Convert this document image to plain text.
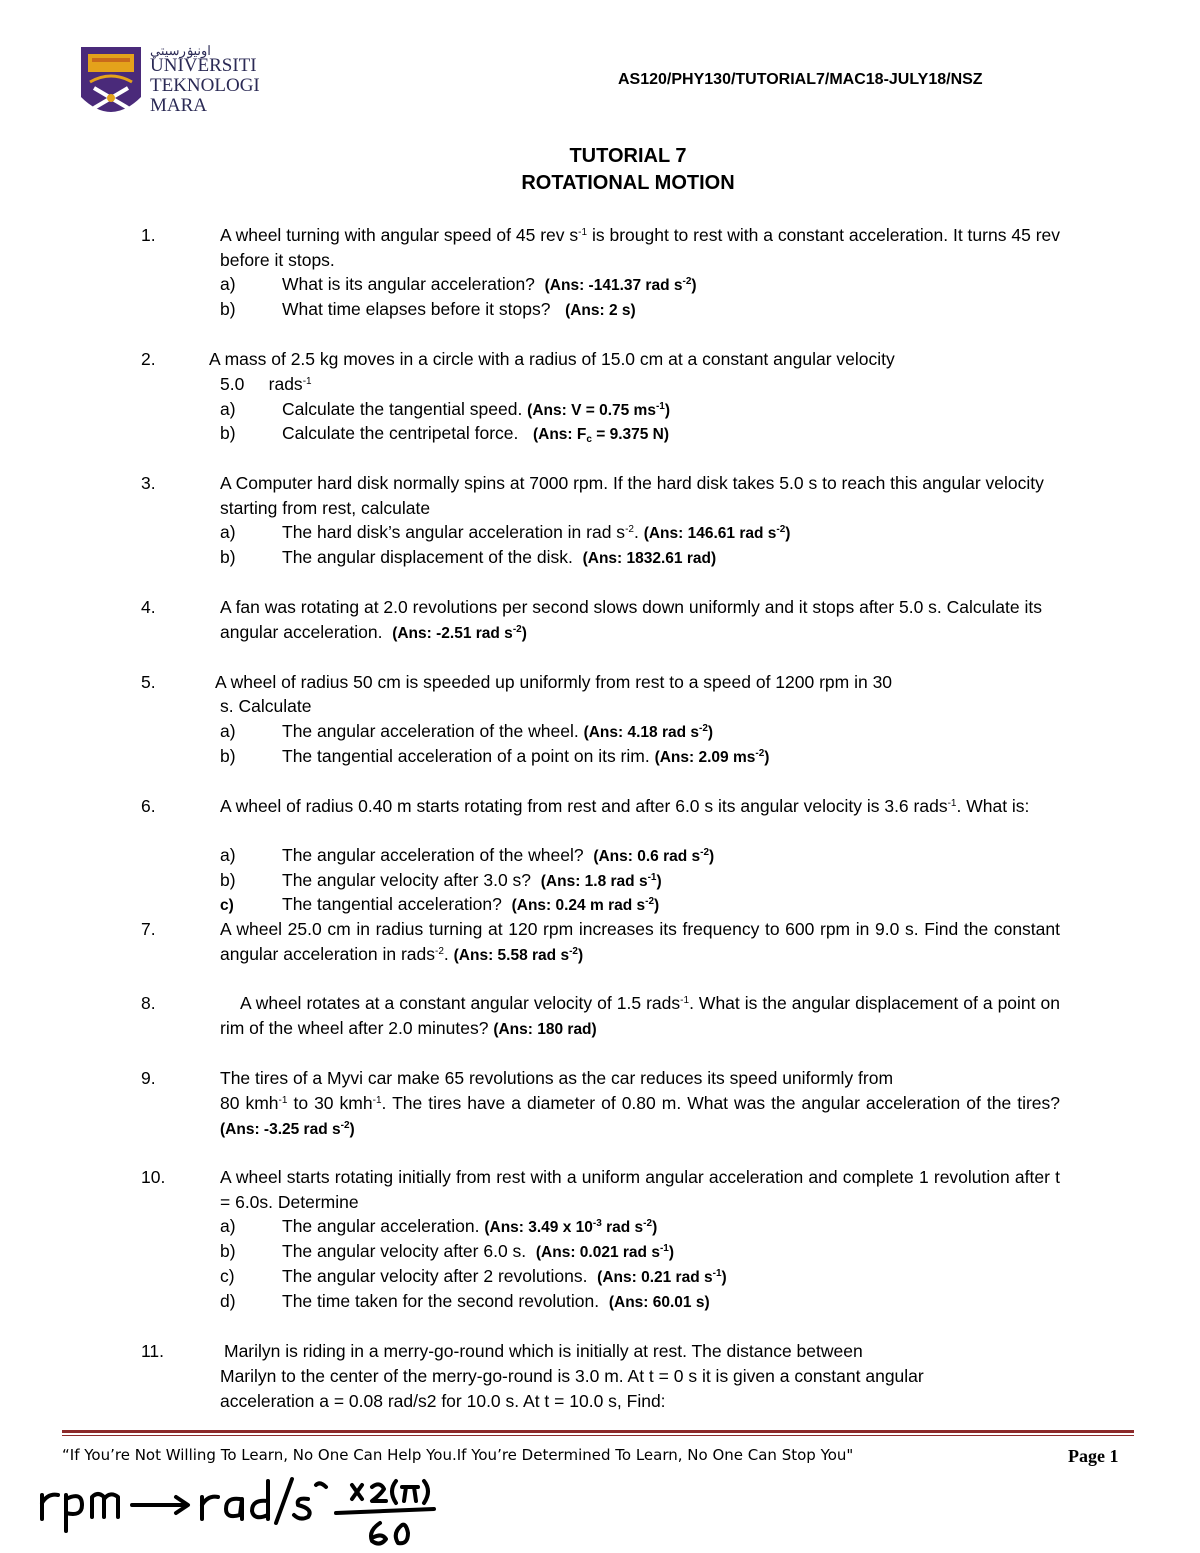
اونيۏرسيتي
UNIVERSITI
TEKNOLOGI
MARA
AS120/PHY130/TUTORIAL7/MAC18-JULY18/NSZ
TUTORIAL 7
ROTATIONAL MOTION
1.	A wheel turning with angular speed of 45 rev $s^{-1}$ is brought to rest with a constant acceleration. It turns 45 rev before it stops.
a)	What is its angular acceleration?  (Ans: -141.37 rad $s^{-2}$)
b)	What time elapses before it stops?   (Ans: 2 s)
2.	A mass of 2.5 kg moves in a circle with a radius of 15.0 cm at a constant angular velocity
5.0     rads$^{-1}$
a)	Calculate the tangential speed. (Ans: V = 0.75 $ms^{-1}$)
b)	Calculate the centripetal force.   (Ans: $F_c = 9.375$ N)
3.	A Computer hard disk normally spins at 7000 rpm. If the hard disk takes 5.0 s to reach this angular velocity starting from rest, calculate
a)	The hard disk’s angular acceleration in rad $s^{-2}$. (Ans: 146.61 rad $s^{-2}$)
b)	The angular displacement of the disk.  (Ans: 1832.61 rad)
4.	A fan was rotating at 2.0 revolutions per second slows down uniformly and it stops after 5.0 s. Calculate its angular acceleration.  (Ans: -2.51 rad $s^{-2}$)
5.	A wheel of radius 50 cm is speeded up uniformly from rest to a speed of 1200 rpm in 30
s. Calculate
a)	The angular acceleration of the wheel. (Ans: 4.18 rad $s^{-2}$)
b)	The tangential acceleration of a point on its rim. (Ans: 2.09 $ms^{-2}$)
6.	A wheel of radius 0.40 m starts rotating from rest and after 6.0 s its angular velocity is 3.6 rads$^{-1}$. What is:
a)	The angular acceleration of the wheel?  (Ans: 0.6 rad $s^{-2}$)
b)	The angular velocity after 3.0 s?  (Ans: 1.8 rad $s^{-1}$)
c)	The tangential acceleration?  (Ans: 0.24 m rad $s^{-2}$)
7.	A wheel 25.0 cm in radius turning at 120 rpm increases its frequency to 600 rpm in 9.0 s. Find the constant angular acceleration in rads$^{-2}$. (Ans: 5.58 rad $s^{-2}$)
8.	A wheel rotates at a constant angular velocity of 1.5 rads$^{-1}$. What is the angular displacement of a point on rim of the wheel after 2.0 minutes? (Ans: 180 rad)
9.	The tires of a Myvi car make 65 revolutions as the car reduces its speed uniformly from
80 kmh$^{-1}$ to 30 kmh$^{-1}$. The tires have a diameter of 0.80 m. What was the angular acceleration of the tires? (Ans: -3.25 rad $s^{-2}$)
10.	A wheel starts rotating initially from rest with a uniform angular acceleration and complete 1 revolution after t = 6.0s. Determine
a)	The angular acceleration. (Ans: 3.49 x $10^{-3}$ rad $s^{-2}$)
b)	The angular velocity after 6.0 s.  (Ans: 0.021 rad $s^{-1}$)
c)	The angular velocity after 2 revolutions.  (Ans: 0.21 rad $s^{-1}$)
d)	The time taken for the second revolution.  (Ans: 60.01 s)
11.	Marilyn is riding in a merry-go-round which is initially at rest. The distance between
Marilyn to the center of the merry-go-round is 3.0 m. At t = 0 s it is given a constant angular acceleration a = 0.08 rad/s2 for 10.0 s. At t = 10.0 s, Find:
“If You’re Not Willing To Learn, No One Can Help You.If You’re Determined To Learn, No One Can Stop You"	Page 1
